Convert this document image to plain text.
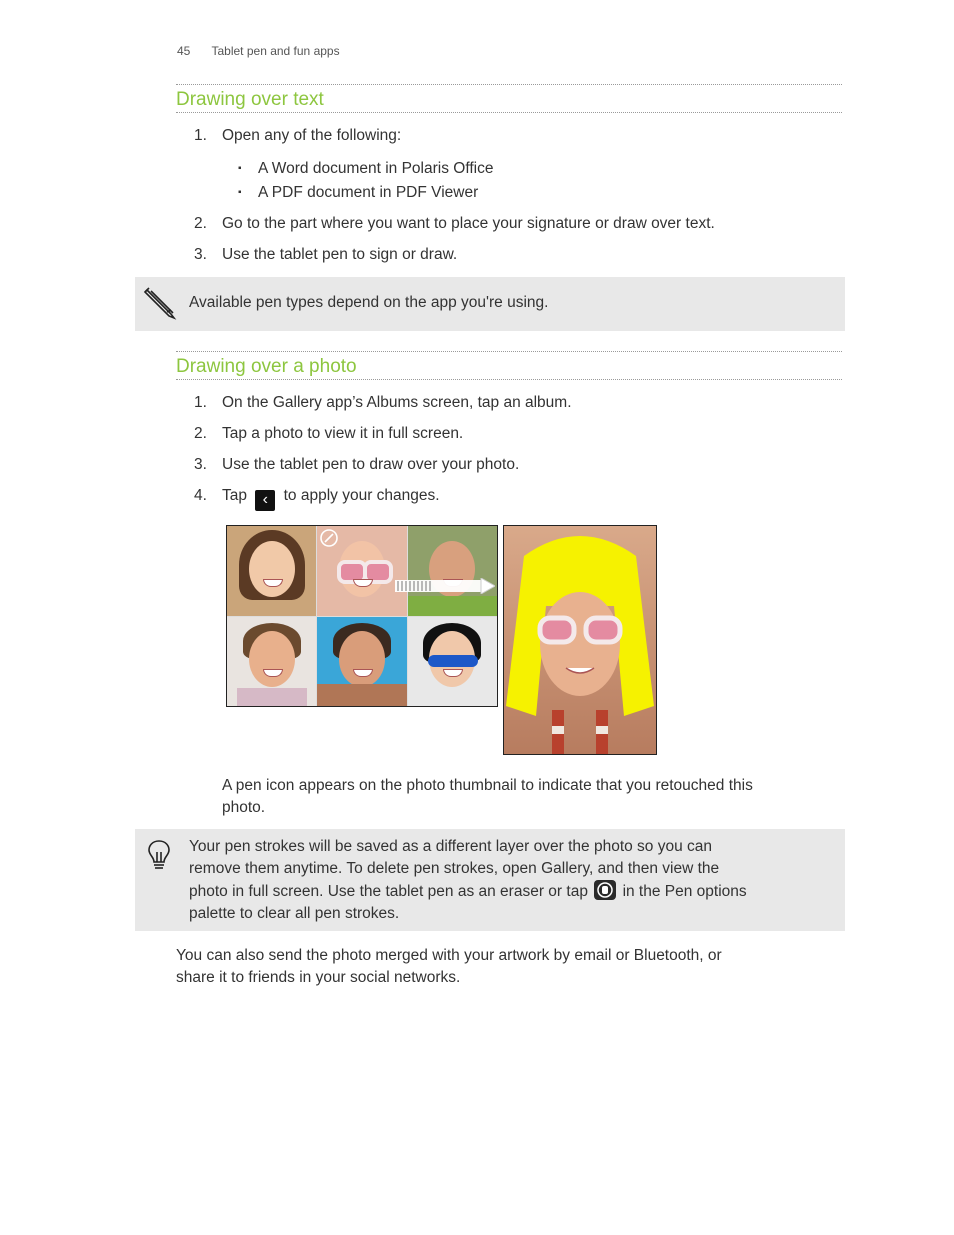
45 Tablet pen and fun apps
Drawing over text
1. Open any of the following:
▪ A Word document in Polaris Office
▪ A PDF document in PDF Viewer
2. Go to the part where you want to place your signature or draw over text.
3. Use the tablet pen to sign or draw.
Available pen types depend on the app you're using.
Drawing over a photo
1. On the Gallery app’s Albums screen, tap an album.
2. Tap a photo to view it in full screen.
3. Use the tablet pen to draw over your photo.
4. Tap ‹ to apply your changes.
A pen icon appears on the photo thumbnail to indicate that you retouched this
photo.
Your pen strokes will be saved as a different layer over the photo so you can
remove them anytime. To delete pen strokes, open Gallery, and then view the
photo in full screen. Use the tablet pen as an eraser or tap in the Pen options
palette to clear all pen strokes.
You can also send the photo merged with your artwork by email or Bluetooth, or
share it to friends in your social networks.
